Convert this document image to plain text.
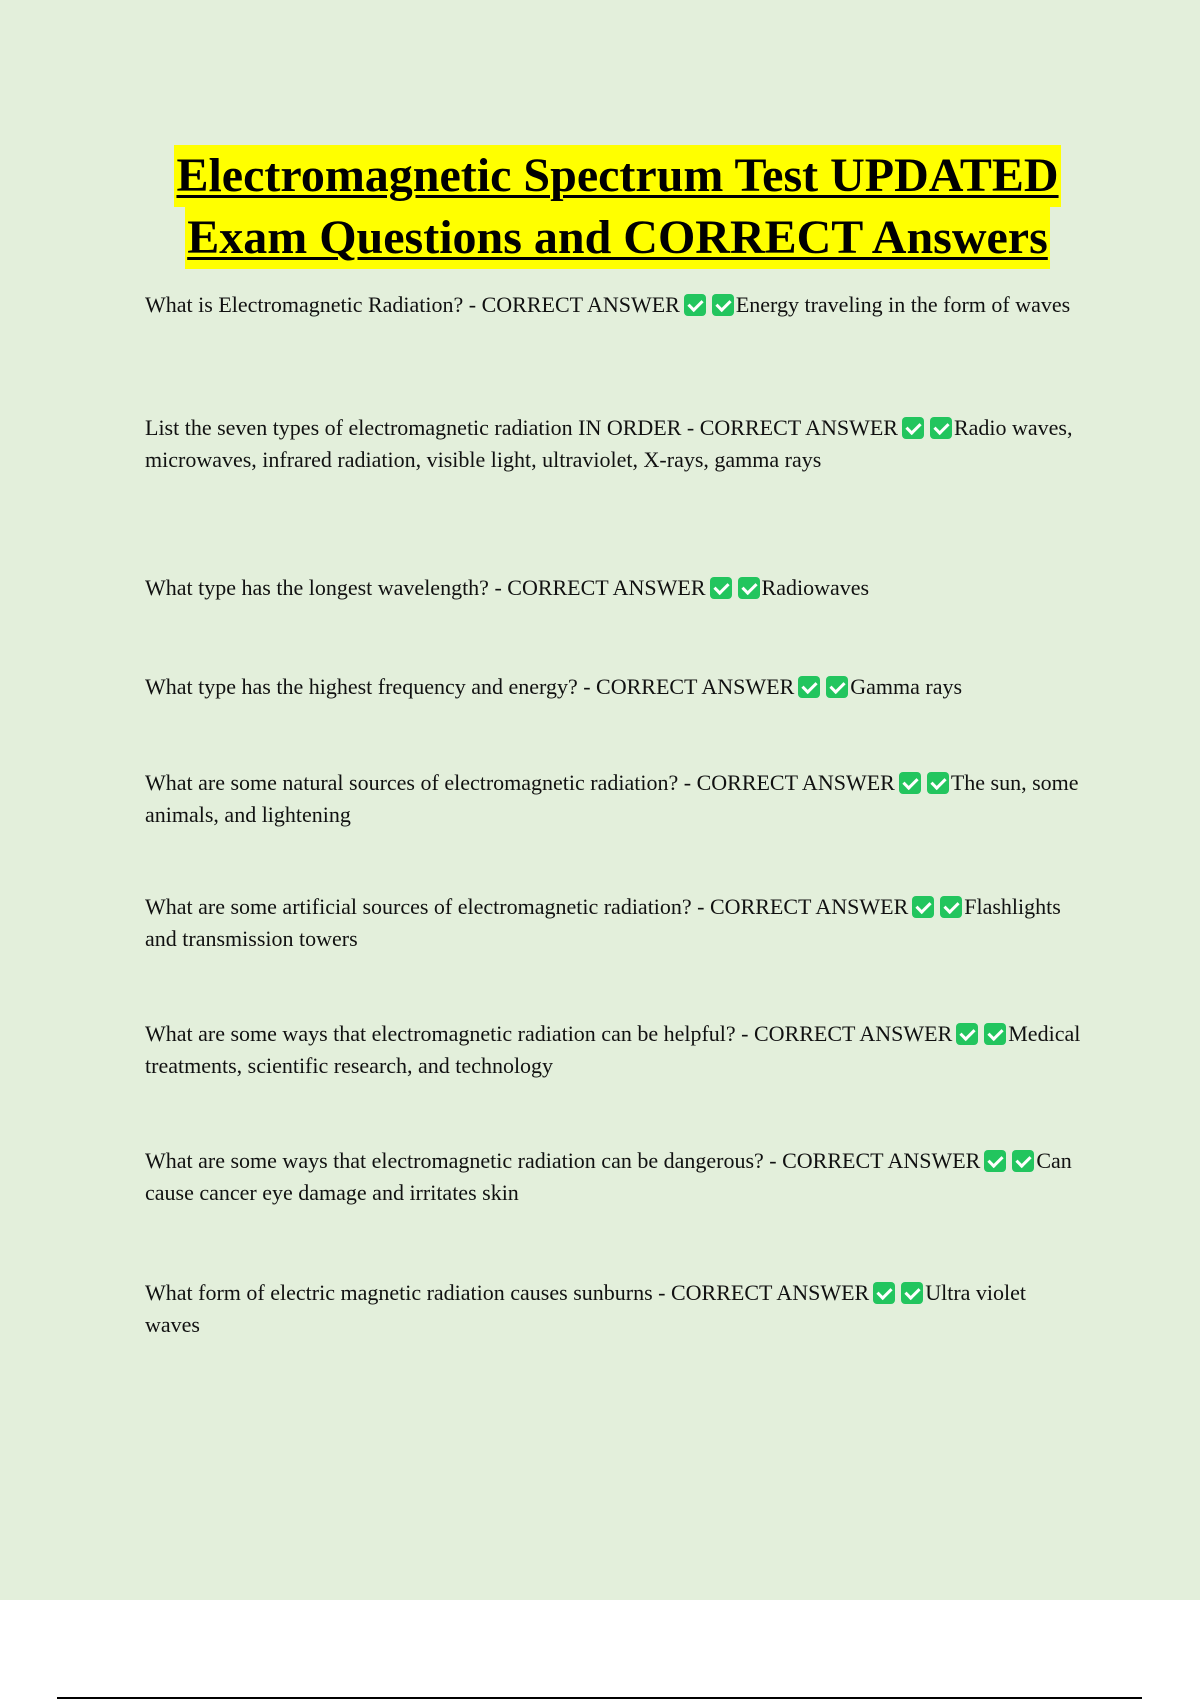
Electromagnetic Spectrum Test UPDATED
Exam Questions and CORRECT Answers
What is Electromagnetic Radiation? - CORRECT ANSWER	Energy traveling in the form of waves
List the seven types of electromagnetic radiation IN ORDER - CORRECT ANSWER	Radio waves, microwaves, infrared radiation, visible light, ultraviolet, X-rays, gamma rays
What type has the longest wavelength? - CORRECT ANSWER	Radiowaves
What type has the highest frequency and energy? - CORRECT ANSWER	Gamma rays
What are some natural sources of electromagnetic radiation? - CORRECT ANSWER	The sun, some animals, and lightening
What are some artificial sources of electromagnetic radiation? - CORRECT ANSWER	Flashlights and transmission towers
What are some ways that electromagnetic radiation can be helpful? - CORRECT ANSWER	Medical treatments, scientific research, and technology
What are some ways that electromagnetic radiation can be dangerous? - CORRECT ANSWER	Can cause cancer eye damage and irritates skin
What form of electric magnetic radiation causes sunburns - CORRECT ANSWER	Ultra violet waves
